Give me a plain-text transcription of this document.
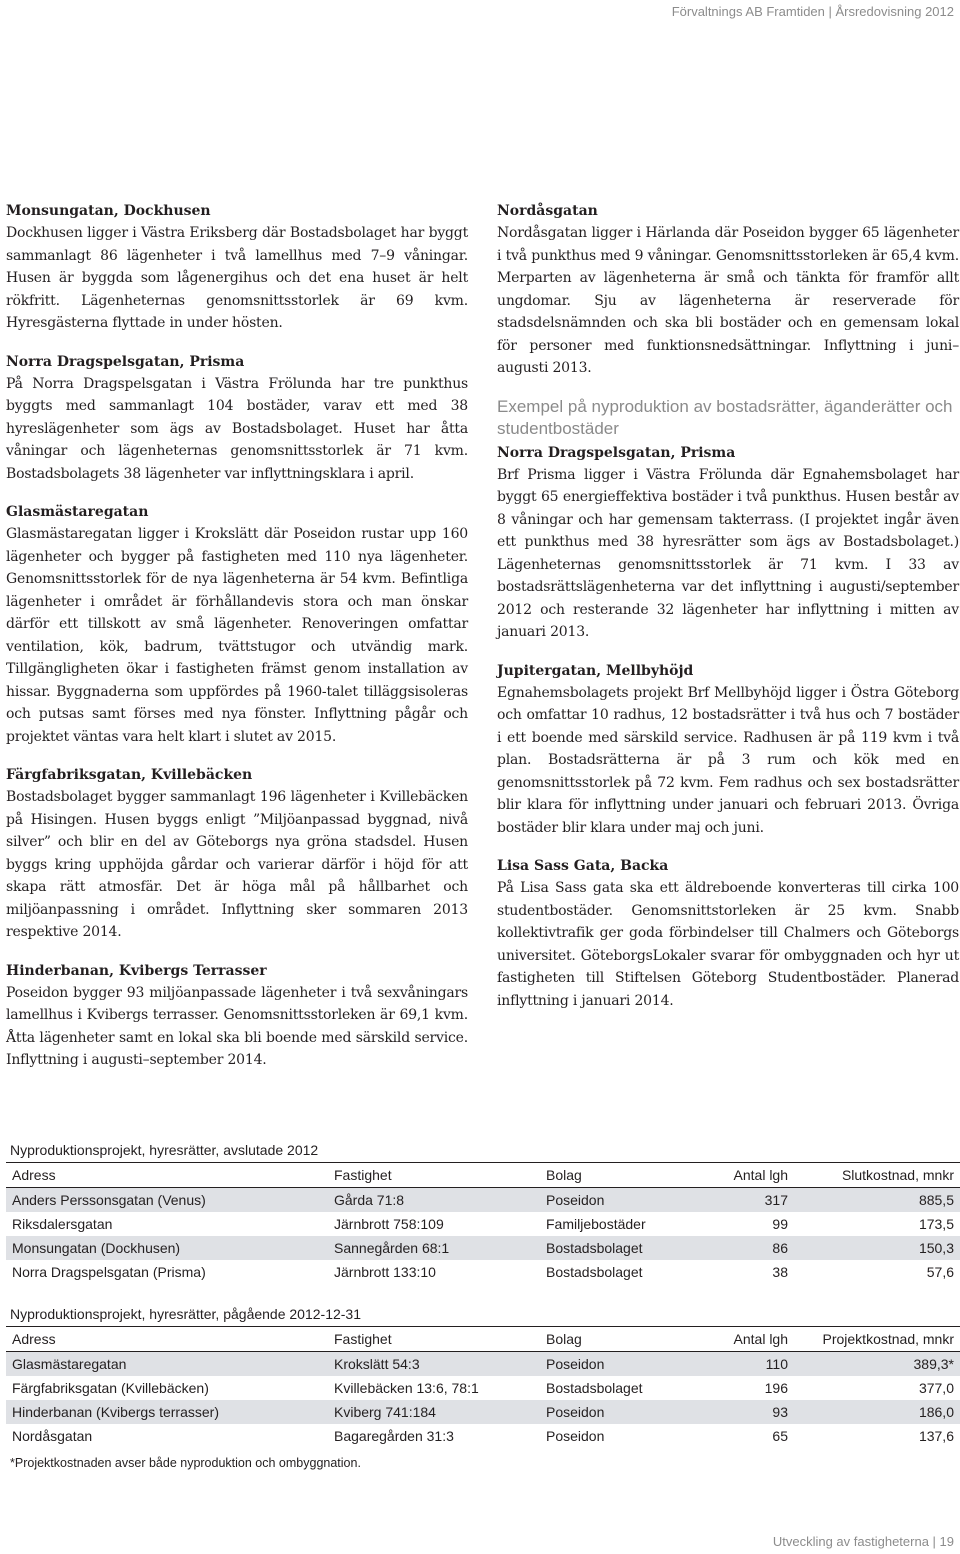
Förvaltnings AB Framtiden | Årsredovisning 2012
Monsungatan, Dockhusen

Dockhusen ligger i Västra Eriksberg där Bostadsbolaget har byggt sammanlagt 86 lägenheter i två lamellhus med 7–9 våningar. Husen är byggda som lågenergihus och det ena huset är helt rökfritt. Lägenheternas genomsnittsstorlek är 69 kvm. Hyresgästerna flyttade in under hösten.

Norra Dragspelsgatan, Prisma

På Norra Dragspelsgatan i Västra Frölunda har tre punkthus byggts med sammanlagt 104 bostäder, varav ett med 38 hyreslägenheter som ägs av Bostadsbolaget. Huset har åtta våningar och lägenheternas genomsnittsstorlek är 71 kvm. Bostadsbolagets 38 lägenheter var inflyttningsklara i april.

Glasmästaregatan

Glasmästaregatan ligger i Krokslätt där Poseidon rustar upp 160 lägenheter och bygger på fastigheten med 110 nya lägenheter. Genomsnittsstorlek för de nya lägenheterna är 54 kvm. Befintliga lägenheter i området är förhållandevis stora och man önskar därför ett tillskott av små lägenheter. Renoveringen omfattar ventilation, kök, badrum, tvättstugor och utvändig mark. Tillgängligheten ökar i fastigheten främst genom installation av hissar. Byggnaderna som uppfördes på 1960-talet tilläggsisoleras och putsas samt förses med nya fönster. Inflyttning pågår och projektet väntas vara helt klart i slutet av 2015.

Färgfabriksgatan, Kvillebäcken

Bostadsbolaget bygger sammanlagt 196 lägenheter i Kvillebäcken på Hisingen. Husen byggs enligt ”Miljöanpassad byggnad, nivå silver” och blir en del av Göteborgs nya gröna stadsdel. Husen byggs kring upphöjda gårdar och varierar därför i höjd för att skapa rätt atmosfär. Det är höga mål på hållbarhet och miljöanpassning i området. Inflyttning sker sommaren 2013 respektive 2014.

Hinderbanan, Kvibergs Terrasser

Poseidon bygger 93 miljöanpassade lägenheter i två sexvåningars lamellhus i Kvibergs terrasser. Genomsnittsstorleken är 69,1 kvm. Åtta lägenheter samt en lokal ska bli boende med särskild service. Inflyttning i augusti–september 2014.

Nordåsgatan

Nordåsgatan ligger i Härlanda där Poseidon bygger 65 lägenheter i två punkthus med 9 våningar. Genomsnittsstorleken är 65,4 kvm. Merparten av lägenheterna är små och tänkta för framför allt ungdomar. Sju av lägenheterna är reserverade för stadsdelsnämnden och ska bli bostäder och en gemensam lokal för personer med funktionsnedsättningar. Inflyttning i juni–augusti 2013.

Exempel på nyproduktion av bostadsrätter, äganderätter och studentbostäder
Norra Dragspelsgatan, Prisma

Brf Prisma ligger i Västra Frölunda där Egnahemsbolaget har byggt 65 energieffektiva bostäder i två punkthus. Husen består av 8 våningar och har gemensam takterrass. (I projektet ingår även ett punkthus med 38 hyresrätter som ägs av Bostadsbolaget.) Lägenheternas genomsnittsstorlek är 71 kvm. I 33 av bostadsrättslägenheterna var det inflyttning i augusti/september 2012 och resterande 32 lägenheter har inflyttning i mitten av januari 2013.

Jupitergatan, Mellbyhöjd

Egnahemsbolagets projekt Brf Mellbyhöjd ligger i Östra Göteborg och omfattar 10 radhus, 12 bostadsrätter i två hus och 7 bostäder i ett boende med särskild service. Radhusen är på 119 kvm i två plan. Bostadsrätterna är på 3 rum och kök med en genomsnittsstorlek på 72 kvm. Fem radhus och sex bostadsrätter blir klara för inflyttning under januari och februari 2013. Övriga bostäder blir klara under maj och juni.

Lisa Sass Gata, Backa

På Lisa Sass gata ska ett äldreboende konverteras till cirka 100 studentbostäder. Genomsnittstorleken är 25 kvm. Snabb kollektivtrafik ger goda förbindelser till Chalmers och Göteborgs universitet. GöteborgsLokaler svarar för ombyggnaden och hyr ut fastigheten till Stiftelsen Göteborg Studentbostäder. Planerad inflyttning i januari 2014.

Nyproduktionsprojekt, hyresrätter, avslutade 2012
Adress	Fastighet	Bolag	Antal lgh	Slutkostnad, mnkr
Anders Perssonsgatan (Venus)	Gårda 71:8	Poseidon	317	885,5
Riksdalersgatan	Järnbrott 758:109	Familjebostäder	99	173,5
Monsungatan (Dockhusen)	Sannegården 68:1	Bostadsbolaget	86	150,3
Norra Dragspelsgatan (Prisma)	Järnbrott 133:10	Bostadsbolaget	38	57,6
Nyproduktionsprojekt, hyresrätter, pågående 2012-12-31
Adress	Fastighet	Bolag	Antal lgh	Projektkostnad, mnkr
Glasmästaregatan	Krokslätt 54:3	Poseidon	110	389,3*
Färgfabriksgatan (Kvillebäcken)	Kvillebäcken 13:6, 78:1	Bostadsbolaget	196	377,0
Hinderbanan (Kvibergs terrasser)	Kviberg 741:184	Poseidon	93	186,0
Nordåsgatan	Bagaregården 31:3	Poseidon	65	137,6
*Projektkostnaden avser både nyproduktion och ombyggnation.
Utveckling av fastigheterna | 19
